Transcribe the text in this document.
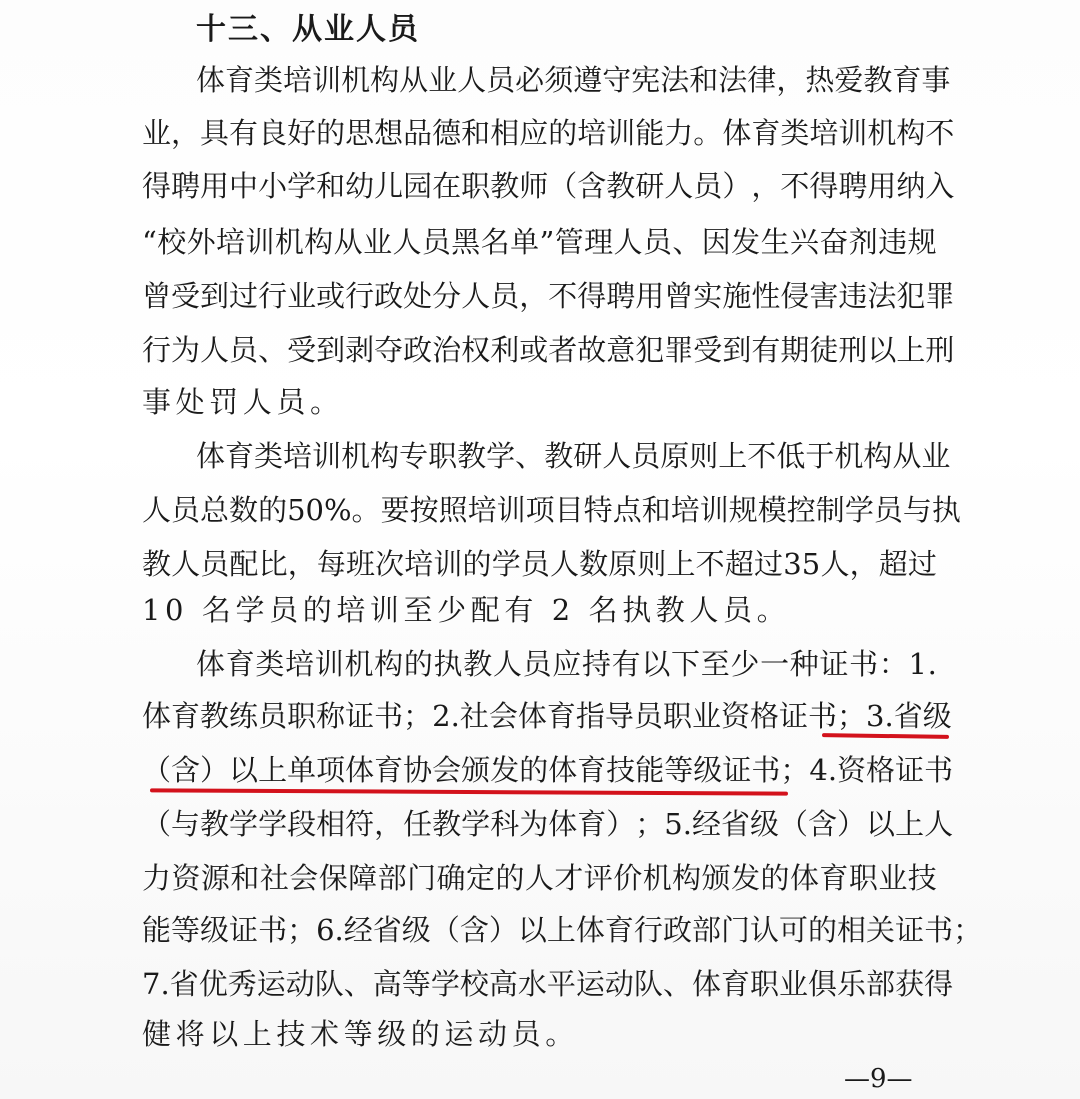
十三、从业人员
体 育 类 培 训 机 构 从 业 人 员 必 须 遵 守 宪 法 和 法 律 ， 热 爱 教 育 事
业 ， 具 有 良 好 的 思 想 品 德 和 相 应 的 培 训 能 力 。 体 育 类 培 训 机 构 不
得 聘 用 中 小 学 和 幼 儿 园 在 职 教 师 （ 含 教 研 人 员 ） ， 不 得 聘 用 纳 入
“ 校 外 培 训 机 构 从 业 人 员 黑 名 单 ” 管 理 人 员 、 因 发 生 兴 奋 剂 违 规
曾 受 到 过 行 业 或 行 政 处 分 人 员 ， 不 得 聘 用 曾 实 施 性 侵 害 违 法 犯 罪
行 为 人 员 、 受 到 剥 夺 政 治 权 利 或 者 故 意 犯 罪 受 到 有 期 徒 刑 以 上 刑
事处罚人员。
体 育 类 培 训 机 构 专 职 教 学 、 教 研 人 员 原 则 上 不 低 于 机 构 从 业
人 员 总 数 的 5 0 % 。 要 按 照 培 训 项 目 特 点 和 培 训 规 模 控 制 学 员 与 执
教 人 员 配 比 ， 每 班 次 培 训 的 学 员 人 数 原 则 上 不 超 过 3 5 人 ， 超 过
10 名学员的培训至少配有 2 名执教人员。
体 育 类 培 训 机 构 的 执 教 人 员 应 持 有 以 下 至 少 一 种 证 书 ： 1 .
体 育 教 练 员 职 称 证 书 ； 2 . 社 会 体 育 指 导 员 职 业 资 格 证 书 ； 3 . 省 级
（ 含 ） 以 上 单 项 体 育 协 会 颁 发 的 体 育 技 能 等 级 证 书 ； 4 . 资 格 证 书
（ 与 教 学 学 段 相 符 ， 任 教 学 科 为 体 育 ） ； 5 . 经 省 级 （ 含 ） 以 上 人
力 资 源 和 社 会 保 障 部 门 确 定 的 人 才 评 价 机 构 颁 发 的 体 育 职 业 技
能 等 级 证 书 ； 6 . 经 省 级 （ 含 ） 以 上 体 育 行 政 部 门 认 可 的 相 关 证 书 ；
7 . 省 优 秀 运 动 队 、 高 等 学 校 高 水 平 运 动 队 、 体 育 职 业 俱 乐 部 获 得
健将以上技术等级的运动员。
—9—
